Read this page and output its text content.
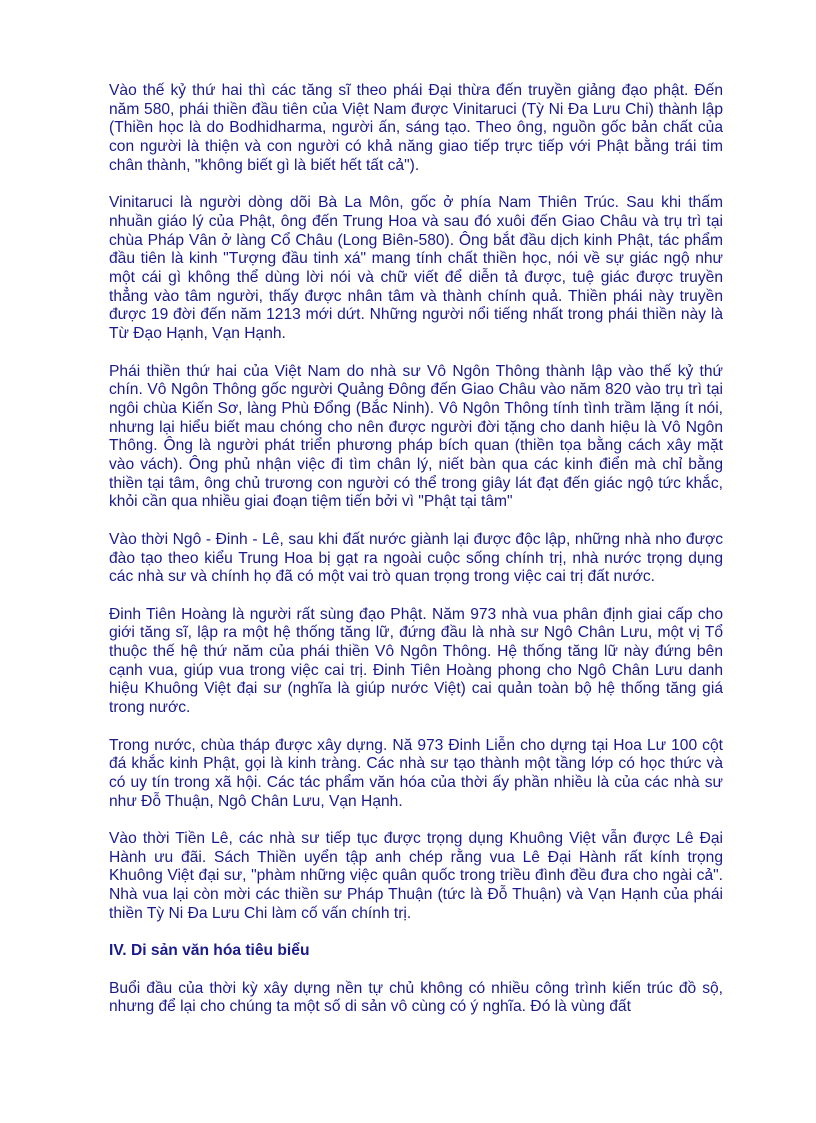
Vào thế kỷ thứ hai thì các tăng sĩ theo phái Đại thừa đến truyền giảng đạo phật. Đến năm 580, phái thiền đầu tiên của Việt Nam được Vinitaruci (Tỳ Ni Đa Lưu Chi) thành lập (Thiền học là do Bodhidharma, người ấn, sáng tạo. Theo ông, nguồn gốc bản chất của con người là thiện và con người có khả năng giao tiếp trực tiếp với Phật bằng trái tim chân thành, "không biết gì là biết hết tất cả").

Vinitaruci là người dòng dõi Bà La Môn, gốc ở phía Nam Thiên Trúc. Sau khi thấm nhuần giáo lý của Phật, ông đến Trung Hoa và sau đó xuôi đến Giao Châu và trụ trì tại chùa Pháp Vân ở làng Cổ Châu (Long Biên-580). Ông bắt đầu dịch kinh Phật, tác phẩm đầu tiên là kinh "Tượng đầu tinh xá" mang tính chất thiền học, nói về sự giác ngộ như một cái gì không thể dùng lời nói và chữ viết để diễn tả được, tuệ giác được truyền thẳng vào tâm người, thấy được nhân tâm và thành chính quả. Thiền phái này truyền được 19 đời đến năm 1213 mới dứt. Những người nổi tiếng nhất trong phái thiền này là Từ Đạo Hạnh, Vạn Hạnh.

Phái thiền thứ hai của Việt Nam do nhà sư Vô Ngôn Thông thành lập vào thế kỷ thứ chín. Vô Ngôn Thông gốc người Quảng Đông đến Giao Châu vào năm 820 vào trụ trì tại ngôi chùa Kiến Sơ, làng Phù Đổng (Bắc Ninh). Vô Ngôn Thông tính tình trầm lặng ít nói, nhưng lại hiểu biết mau chóng cho nên được người đời tặng cho danh hiệu là Vô Ngôn Thông. Ông là người phát triển phương pháp bích quan (thiền tọa bằng cách xây mặt vào vách). Ông phủ nhận việc đi tìm chân lý, niết bàn qua các kinh điển mà chỉ bằng thiền tại tâm, ông chủ trương con người có thể trong giây lát đạt đến giác ngộ tức khắc, khỏi cần qua nhiều giai đoạn tiệm tiến bởi vì "Phật tại tâm"

Vào thời Ngô - Đinh - Lê, sau khi đất nước giành lại được độc lập, những nhà nho được đào tạo theo kiểu Trung Hoa bị gạt ra ngoài cuộc sống chính trị, nhà nước trọng dụng các nhà sư và chính họ đã có một vai trò quan trọng trong việc cai trị đất nước.

Đinh Tiên Hoàng là người rất sùng đạo Phật. Năm 973 nhà vua phân định giai cấp cho giới tăng sĩ, lập ra một hệ thống tăng lữ, đứng đầu là nhà sư Ngô Chân Lưu, một vị Tổ thuộc thế hệ thứ năm của phái thiền Vô Ngôn Thông. Hệ thống tăng lữ này đứng bên cạnh vua, giúp vua trong việc cai trị. Đinh Tiên Hoàng phong cho Ngô Chân Lưu danh hiệu Khuông Việt đại sư (nghĩa là giúp nước Việt) cai quản toàn bộ hệ thống tăng giá trong nước.

Trong nước, chùa tháp được xây dựng. Nă 973 Đinh Liễn cho dựng tại Hoa Lư 100 cột đá khắc kinh Phật, gọi là kinh tràng. Các nhà sư tạo thành một tầng lớp có học thức và có uy tín trong xã hội. Các tác phẩm văn hóa của thời ấy phần nhiều là của các nhà sư như Đỗ Thuận, Ngô Chân Lưu, Vạn Hạnh.

Vào thời Tiền Lê, các nhà sư tiếp tục được trọng dụng Khuông Việt vẫn được Lê Đại Hành ưu đãi. Sách Thiền uyển tập anh chép rằng vua Lê Đại Hành rất kính trọng Khuông Việt đại sư, "phàm những việc quân quốc trong triều đình đều đưa cho ngài cả". Nhà vua lại còn mời các thiền sư Pháp Thuận (tức là Đỗ Thuận) và Vạn Hạnh của phái thiền Tỳ Ni Đa Lưu Chi làm cố vấn chính trị.

IV. Di sản văn hóa tiêu biểu

Buổi đầu của thời kỳ xây dựng nền tự chủ không có nhiều công trình kiến trúc đồ sộ, nhưng để lại cho chúng ta một số di sản vô cùng có ý nghĩa. Đó là vùng đất
